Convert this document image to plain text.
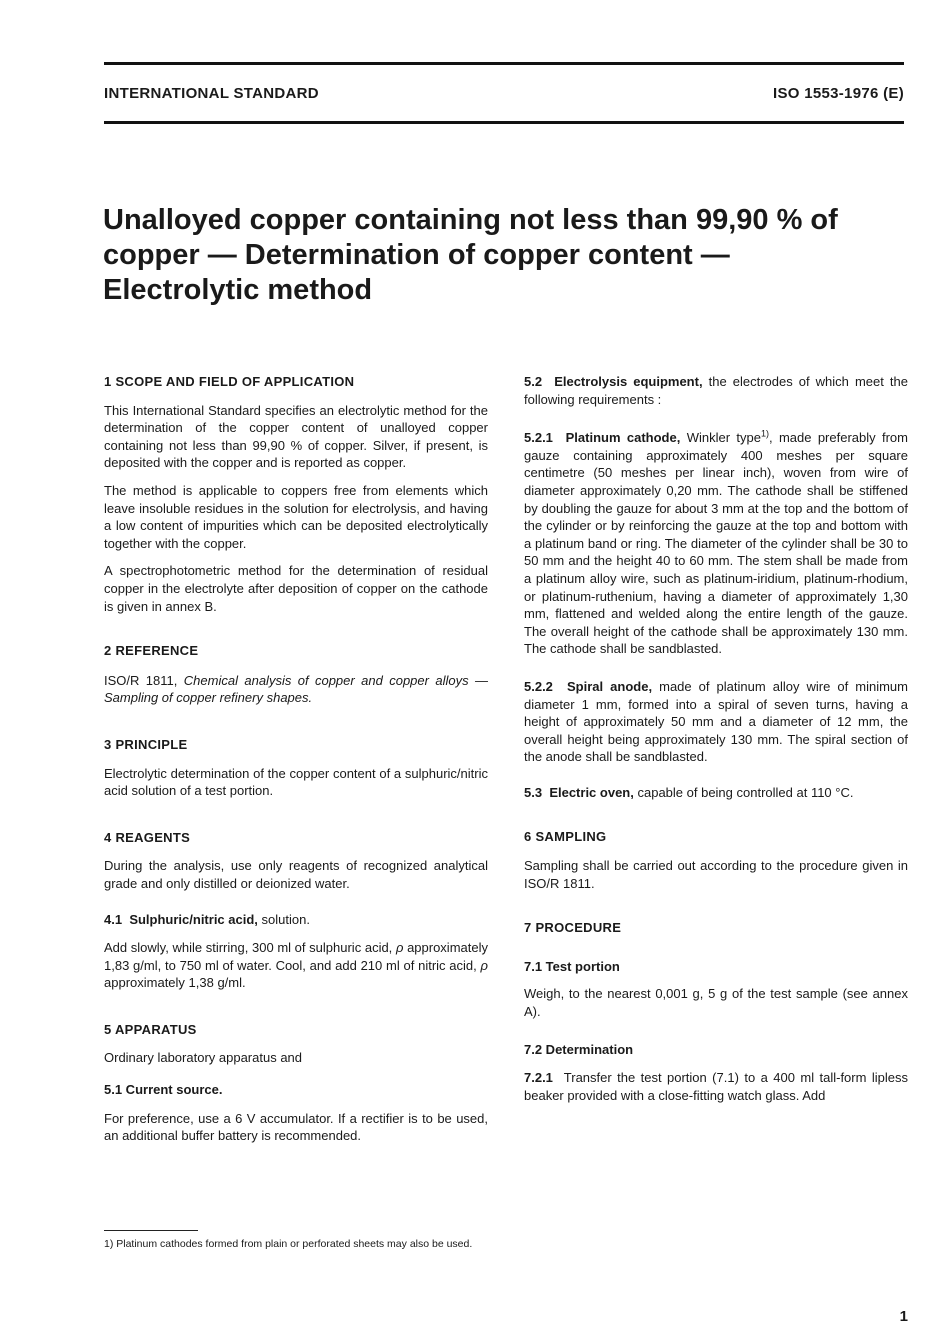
INTERNATIONAL STANDARD	ISO 1553-1976 (E)
Unalloyed copper containing not less than 99,90 % of copper — Determination of copper content — Electrolytic method
1 SCOPE AND FIELD OF APPLICATION

This International Standard specifies an electrolytic method for the determination of the copper content of unalloyed copper containing not less than 99,90 % of copper. Silver, if present, is deposited with the copper and is reported as copper.

The method is applicable to coppers free from elements which leave insoluble residues in the solution for electrolysis, and having a low content of impurities which can be deposited electrolytically together with the copper.

A spectrophotometric method for the determination of residual copper in the electrolyte after deposition of copper on the cathode is given in annex B.

2 REFERENCE

ISO/R 1811, Chemical analysis of copper and copper alloys — Sampling of copper refinery shapes.

3 PRINCIPLE

Electrolytic determination of the copper content of a sulphuric/nitric acid solution of a test portion.

4 REAGENTS

During the analysis, use only reagents of recognized analytical grade and only distilled or deionized water.

4.1 Sulphuric/nitric acid, solution.

Add slowly, while stirring, 300 ml of sulphuric acid, ρ approximately 1,83 g/ml, to 750 ml of water. Cool, and add 210 ml of nitric acid, ρ approximately 1,38 g/ml.

5 APPARATUS

Ordinary laboratory apparatus and

5.1 Current source.

For preference, use a 6 V accumulator. If a rectifier is to be used, an additional buffer battery is recommended.

5.2 Electrolysis equipment, the electrodes of which meet the following requirements :

5.2.1 Platinum cathode, Winkler type$^{1)}$, made preferably from gauze containing approximately 400 meshes per square centimetre (50 meshes per linear inch), woven from wire of diameter approximately 0,20 mm. The cathode shall be stiffened by doubling the gauze for about 3 mm at the top and the bottom of the cylinder or by reinforcing the gauze at the top and bottom with a platinum band or ring. The diameter of the cylinder shall be 30 to 50 mm and the height 40 to 60 mm. The stem shall be made from a platinum alloy wire, such as platinum-iridium, platinum-rhodium, or platinum-ruthenium, having a diameter of approximately 1,30 mm, flattened and welded along the entire length of the gauze. The overall height of the cathode shall be approximately 130 mm. The cathode shall be sandblasted.

5.2.2 Spiral anode, made of platinum alloy wire of minimum diameter 1 mm, formed into a spiral of seven turns, having a height of approximately 50 mm and a diameter of 12 mm, the overall height being approximately 130 mm. The spiral section of the anode shall be sandblasted.

5.3 Electric oven, capable of being controlled at 110 °C.

6 SAMPLING

Sampling shall be carried out according to the procedure given in ISO/R 1811.

7 PROCEDURE
7.1 Test portion

Weigh, to the nearest 0,001 g, 5 g of the test sample (see annex A).

7.2 Determination

7.2.1 Transfer the test portion (7.1) to a 400 ml tall-form lipless beaker provided with a close-fitting watch glass. Add

1) Platinum cathodes formed from plain or perforated sheets may also be used.
1
